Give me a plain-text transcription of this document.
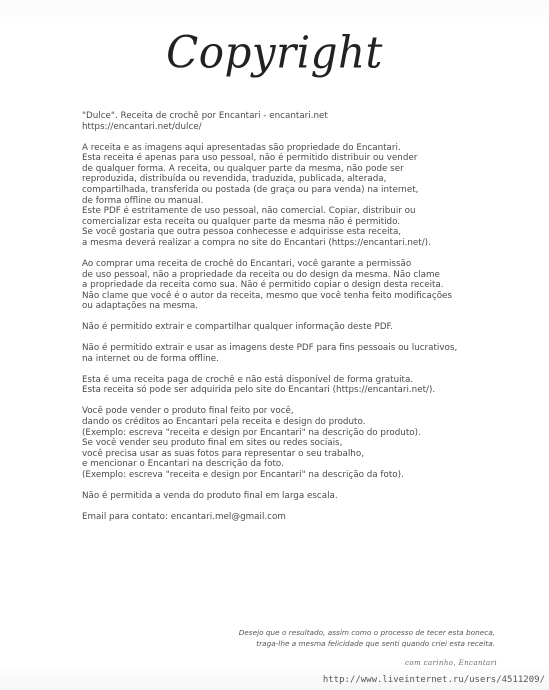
Copyright
"Dulce". Receita de crochê por Encantari - encantari.net
https://encantari.net/dulce/
A receita e as imagens aqui apresentadas são propriedade do Encantari.
Esta receita é apenas para uso pessoal, não é permitido distribuir ou vender
de qualquer forma. A receita, ou qualquer parte da mesma, não pode ser
reproduzida, distribuída ou revendida, traduzida, publicada, alterada,
compartilhada, transferida ou postada (de graça ou para venda) na internet,
de forma offline ou manual.
Este PDF é estritamente de uso pessoal, não comercial. Copiar, distribuir ou
comercializar esta receita ou qualquer parte da mesma não é permitido.
Se você gostaria que outra pessoa conhecesse e adquirisse esta receita,
a mesma deverá realizar a compra no site do Encantari (https://encantari.net/).
Ao comprar uma receita de crochê do Encantari, você garante a permissão
de uso pessoal, não a propriedade da receita ou do design da mesma. Não clame
a propriedade da receita como sua. Não é permitido copiar o design desta receita.
Não clame que você é o autor da receita, mesmo que você tenha feito modificações
ou adaptações na mesma.
Não é permitido extrair e compartilhar qualquer informação deste PDF.
Não é permitido extrair e usar as imagens deste PDF para fins pessoais ou lucrativos,
na internet ou de forma offline.
Esta é uma receita paga de crochê e não está disponível de forma gratuita.
Esta receita só pode ser adquirida pelo site do Encantari (https://encantari.net/).
Você pode vender o produto final feito por você,
dando os créditos ao Encantari pela receita e design do produto.
(Exemplo: escreva "receita e design por Encantari" na descrição do produto).
Se você vender seu produto final em sites ou redes sociais,
você precisa usar as suas fotos para representar o seu trabalho,
e mencionar o Encantari na descrição da foto.
(Exemplo: escreva "receita e design por Encantari" na descrição da foto).
Não é permitida a venda do produto final em larga escala.
Email para contato: encantari.mel@gmail.com
Desejo que o resultado, assim como o processo de tecer esta boneca,
traga-lhe a mesma felicidade que senti quando criei esta receita.
com carinho, Encantari
http://www.liveinternet.ru/users/4511209/
